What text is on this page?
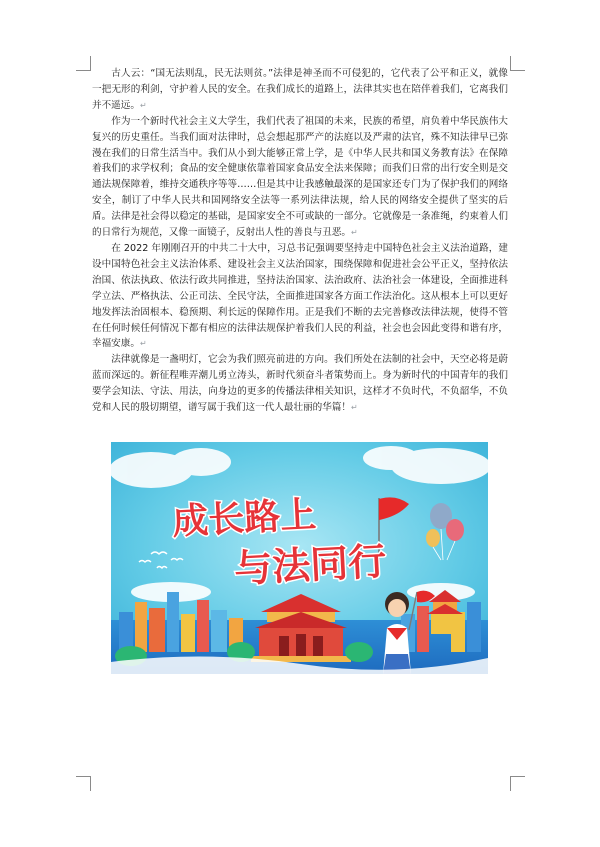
古人云：“国无法则乱，民无法则贫。”法律是神圣而不可侵犯的，它代表了公平和正义，就像一把无形的利剑，守护着人民的安全。在我们成长的道路上，法律其实也在陪伴着我们，它离我们并不遥远。↵

作为一个新时代社会主义大学生，我们代表了祖国的未来，民族的希望，肩负着中华民族伟大复兴的历史重任。当我们面对法律时，总会想起那严产的法庭以及严肃的法官，殊不知法律早已弥漫在我们的日常生活当中。我们从小到大能够正常上学，是《中华人民共和国义务教育法》在保障着我们的求学权利；食品的安全健康依靠着国家食品安全法来保障；而我们日常的出行安全则是交通法规保障着，维持交通秩序等等……但是其中让我感触最深的是国家还专门为了保护我们的网络安全，制订了中华人民共和国网络安全法等一系列法律法规，给人民的网络安全提供了坚实的后盾。法律是社会得以稳定的基础，是国家安全不可或缺的一部分。它就像是一条准绳，约束着人们的日常行为规范，又像一面镜子，反射出人性的善良与丑恶。↵

在 2022 年刚刚召开的中共二十大中，习总书记强调要坚持走中国特色社会主义法治道路，建设中国特色社会主义法治体系、建设社会主义法治国家，围绕保障和促进社会公平正义，坚持依法治国、依法执政、依法行政共同推进，坚持法治国家、法治政府、法治社会一体建设，全面推进科学立法、严格执法、公正司法、全民守法，全面推进国家各方面工作法治化。这从根本上可以更好地发挥法治固根本、稳预期、利长远的保障作用。正是我们不断的去完善修改法律法规，使得不管在任何时候任何情况下都有相应的法律法规保护着我们人民的利益，社会也会因此变得和谐有序，幸福安康。↵

法律就像是一盏明灯，它会为我们照亮前进的方向。我们所处在法制的社会中，天空必将是蔚蓝而深远的。新征程唯弄潮儿勇立涛头，新时代须奋斗者策势而上。身为新时代的中国青年的我们要学会知法、守法、用法，向身边的更多的传播法律相关知识，这样才不负时代，不负韶华，不负党和人民的殷切期望，谱写属于我们这一代人最壮丽的华篇！↵

成长路上
与法同行
